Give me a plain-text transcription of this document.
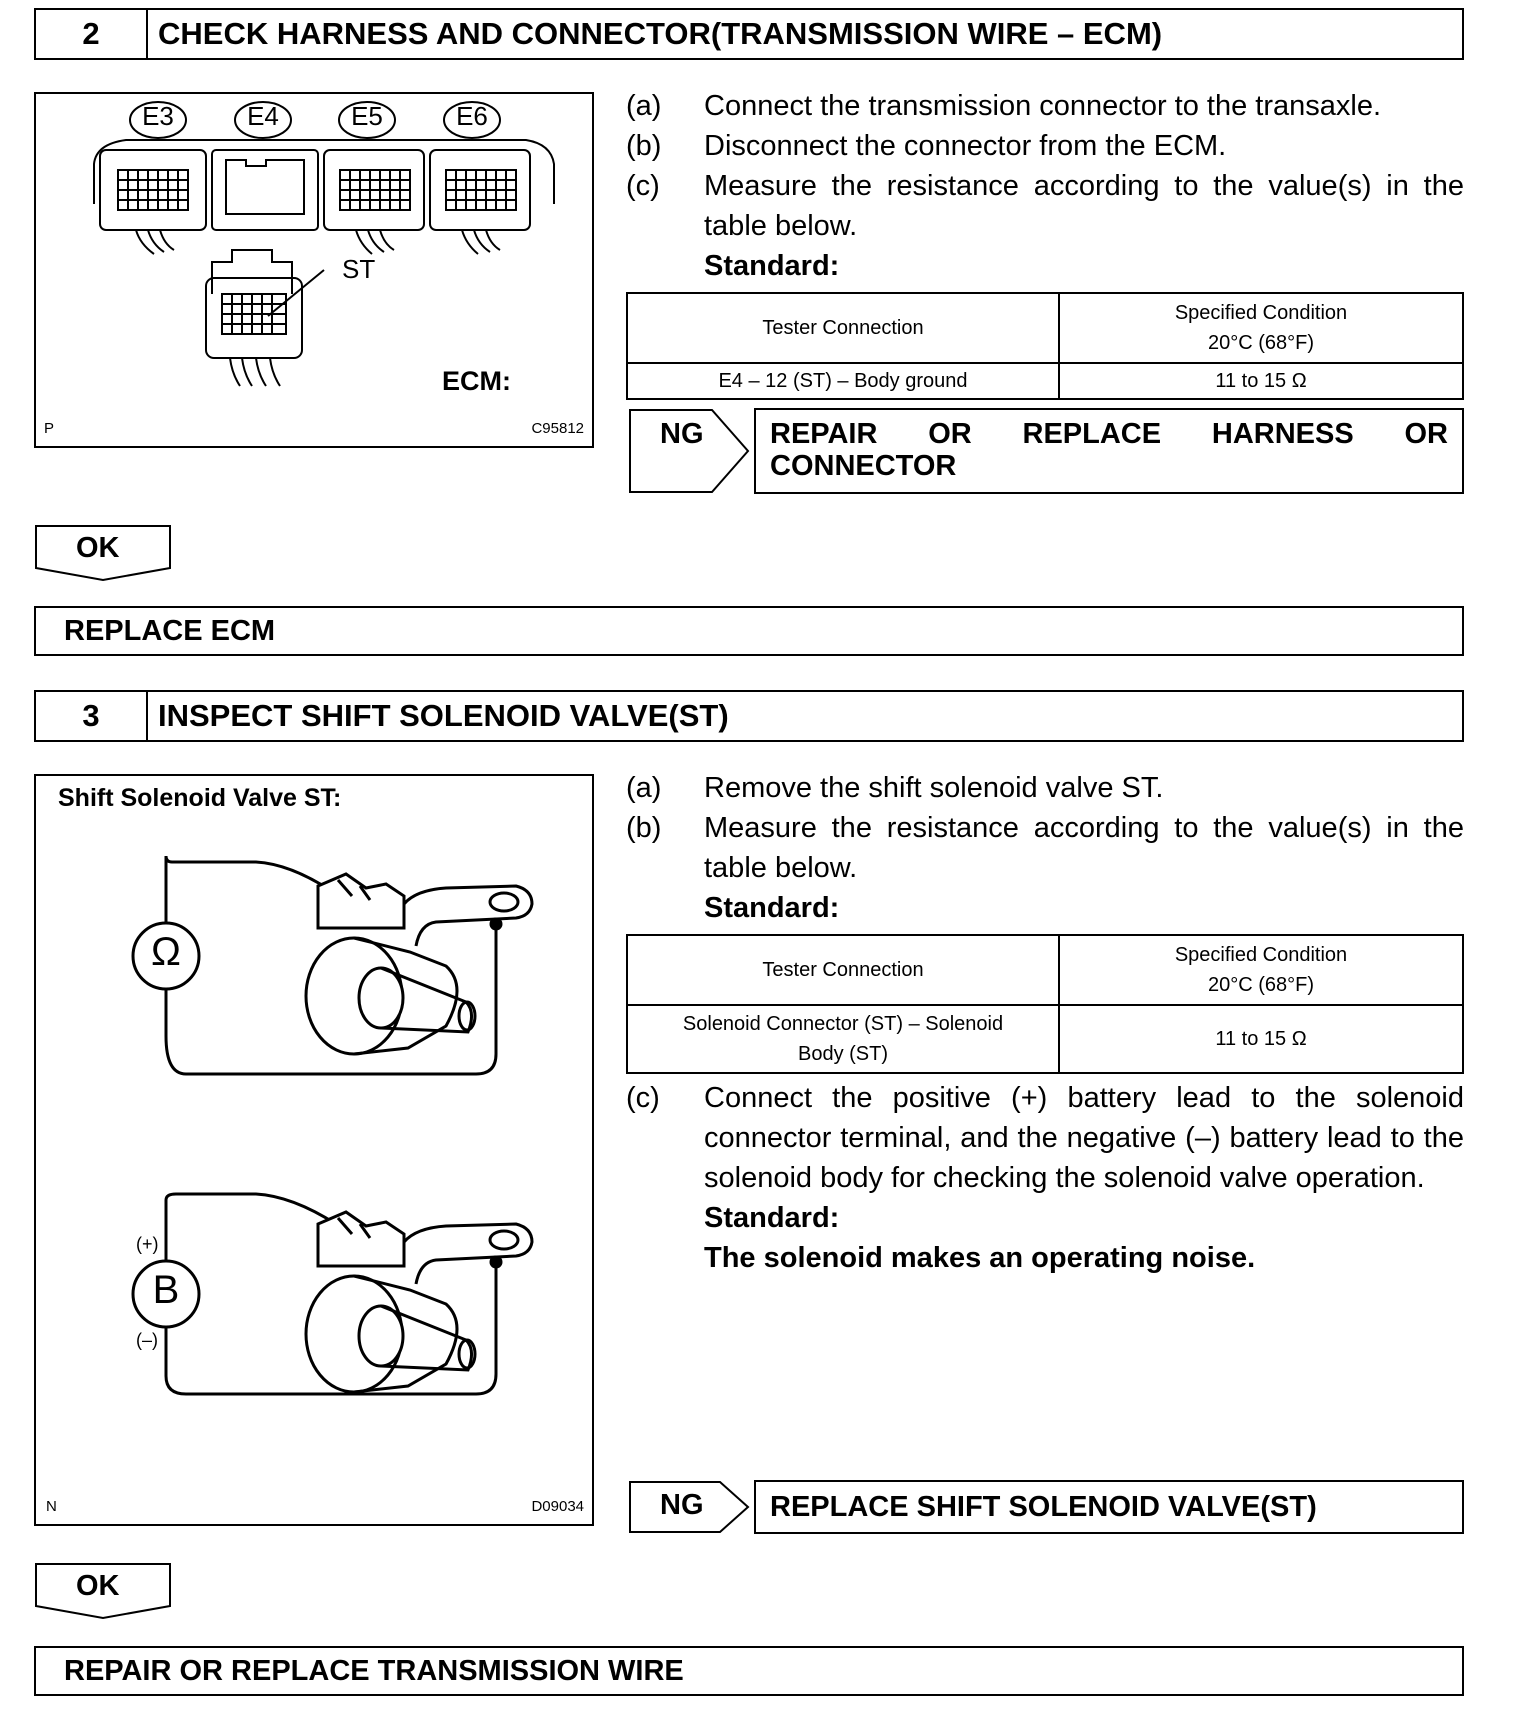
2	CHECK HARNESS AND CONNECTOR(TRANSMISSION WIRE – ECM)
E3	E4	E5	E6
ST
ECM:
P	C95812
(a)	Connect the transmission connector to the transaxle.
(b)	Disconnect the connector from the ECM.
(c)	Measure the resistance according to the value(s) in the table below.
Standard:
Tester Connection	Specified Condition
20°C (68°F)

E4 – 12 (ST) – Body ground	11 to 15 Ω
NG REPAIR OR REPLACE HARNESS OR
CONNECTOR
OK
REPLACE ECM
3	INSPECT SHIFT SOLENOID VALVE(ST)
Shift Solenoid Valve ST:
Ω
B
(+)
(–)
N	D09034
(a)	Remove the shift solenoid valve ST.
(b)	Measure the resistance according to the value(s) in the table below.
Standard:
Tester Connection	Specified Condition
20°C (68°F)

Solenoid Connector (ST) – Solenoid Body (ST)	11 to 15 Ω
(c)	Connect the positive (+) battery lead to the solenoid connector terminal, and the negative (–) battery lead to the solenoid body for checking the solenoid valve operation.
Standard:
The solenoid makes an operating noise.
NG	REPLACE SHIFT SOLENOID VALVE(ST)
OK
REPAIR OR REPLACE TRANSMISSION WIRE
